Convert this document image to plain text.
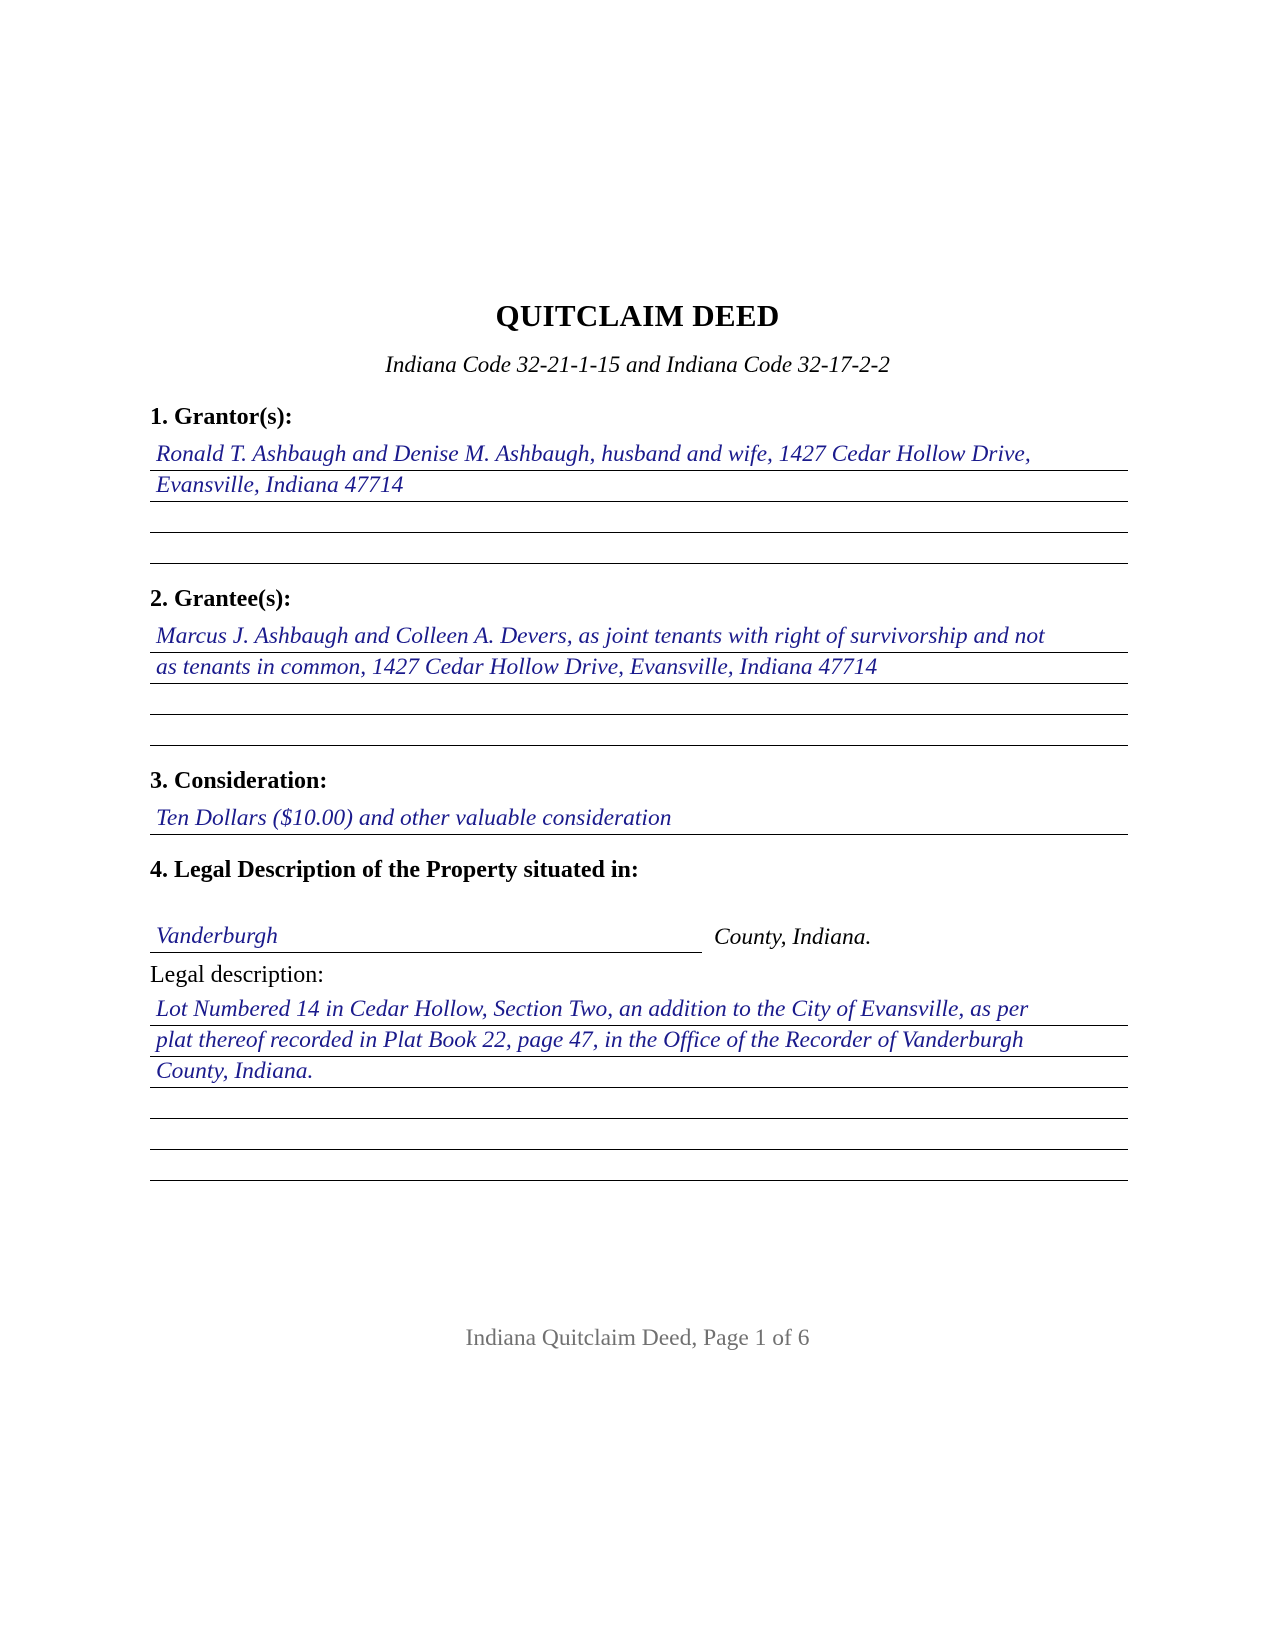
QUITCLAIM DEED
Indiana Code 32-21-1-15 and Indiana Code 32-17-2-2
1. Grantor(s):
Ronald T. Ashbaugh and Denise M. Ashbaugh, husband and wife, 1427 Cedar Hollow Drive,
Evansville, Indiana 47714
2. Grantee(s):
Marcus J. Ashbaugh and Colleen A. Devers, as joint tenants with right of survivorship and not
as tenants in common, 1427 Cedar Hollow Drive, Evansville, Indiana 47714
3. Consideration:
Ten Dollars ($10.00) and other valuable consideration
4. Legal Description of the Property situated in:
Vanderburgh	County, Indiana.
Legal description:
Lot Numbered 14 in Cedar Hollow, Section Two, an addition to the City of Evansville, as per
plat thereof recorded in Plat Book 22, page 47, in the Office of the Recorder of Vanderburgh
County, Indiana.
Indiana Quitclaim Deed, Page 1 of 6
